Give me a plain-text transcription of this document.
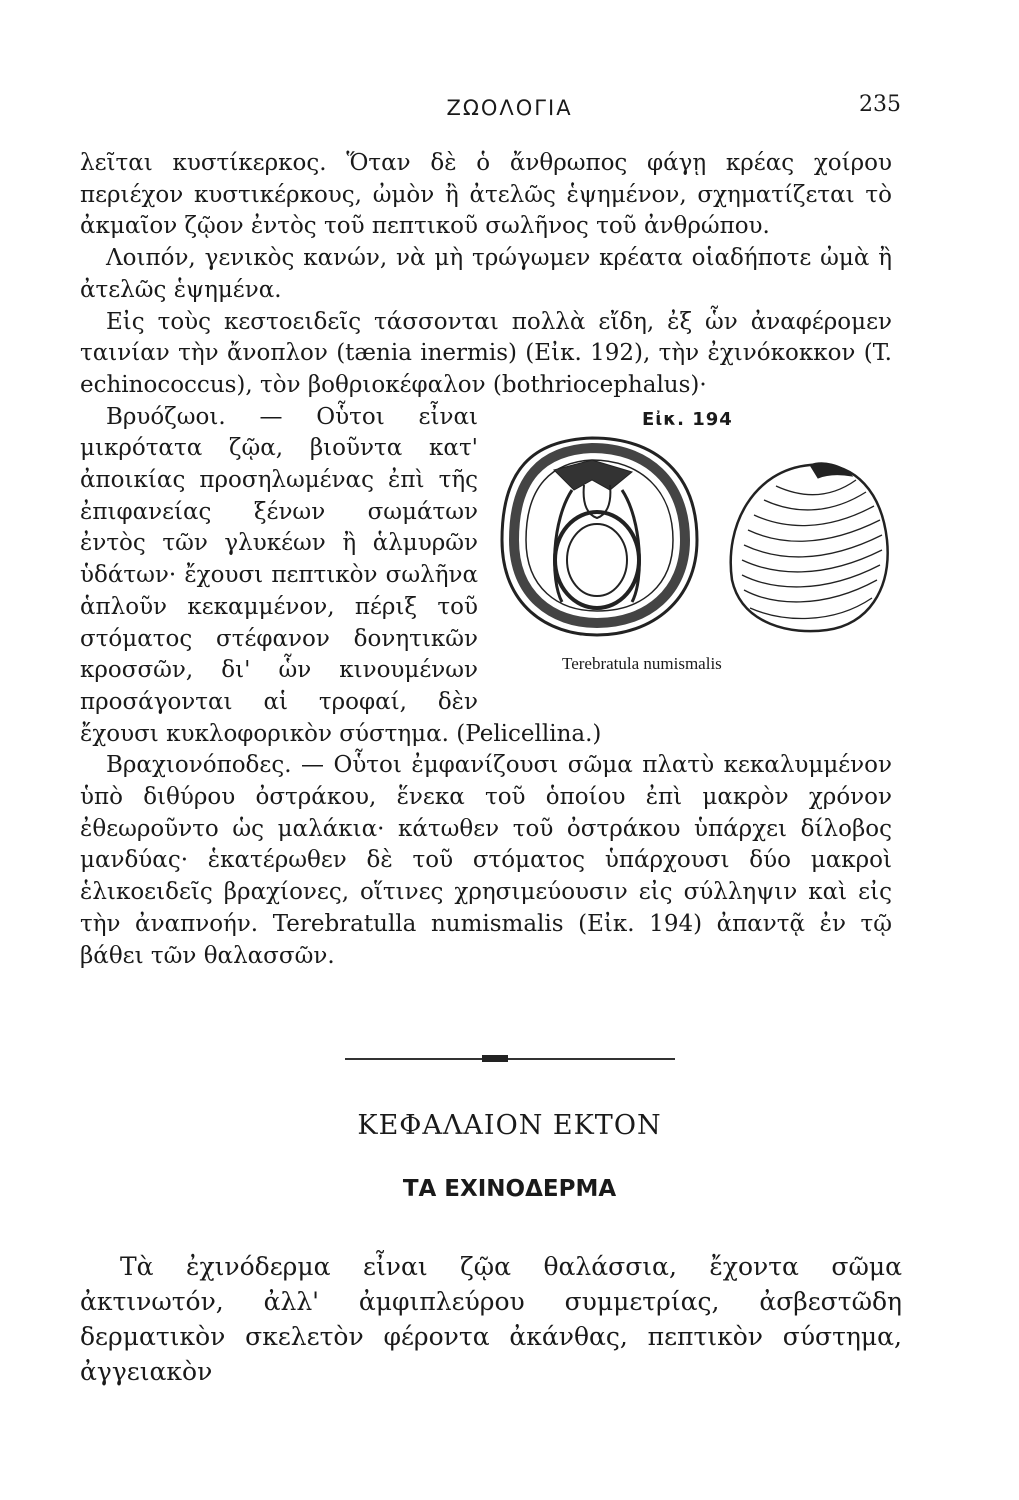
ΖΩΟΛΟΓΙΑ	235

λεῖται κυστίκερκος. Ὅταν δὲ ὁ ἄνθρωπος φάγῃ κρέας χοίρου περιέχον κυστικέρκους, ὠμὸν ἢ ἀτελῶς ἑψημένον, σχηματίζεται τὸ ἀκμαῖον ζῷον ἐντὸς τοῦ πεπτικοῦ σωλῆνος τοῦ ἀνθρώπου.

Λοιπόν, γενικὸς κανών, νὰ μὴ τρώγωμεν κρέατα οἱαδήποτε ὠμὰ ἢ ἀτελῶς ἑψημένα.

Εἰς τοὺς κεστοειδεῖς τάσσονται πολλὰ εἴδη, ἐξ ὧν ἀναφέρομεν ταινίαν τὴν ἄνοπλον (tænia inermis) (Εἰκ. 192), τὴν ἐχινόκοκκον (T. echinococcus), τὸν βοθριοκέφαλον (bothriocephalus)·

Εἰκ. 194
Terebratula numismalis

Βρυόζωοι. — Οὗτοι εἶναι μικρότατα ζῷα, βιοῦντα κατ' ἀποικίας προσηλωμένας ἐπὶ τῆς ἐπιφανείας ξένων σωμάτων ἐντὸς τῶν γλυκέων ἢ ἁλμυρῶν ὑδάτων· ἔχουσι πεπτικὸν σωλῆνα ἁπλοῦν κεκαμμένον, πέριξ τοῦ στόματος στέφανον δονητικῶν κροσσῶν, δι' ὧν κινουμένων προσάγονται αἱ τροφαί, δὲν ἔχουσι κυκλοφορικὸν σύστημα. (Pelicellina.)

Βραχιονόποδες. — Οὗτοι ἐμφανίζουσι σῶμα πλατὺ κεκαλυμμένον ὑπὸ διθύρου ὀστράκου, ἕνεκα τοῦ ὁποίου ἐπὶ μακρὸν χρόνον ἐθεωροῦντο ὡς μαλάκια· κάτωθεν τοῦ ὀστράκου ὑπάρχει δίλοβος μανδύας· ἑκατέρωθεν δὲ τοῦ στόματος ὑπάρχουσι δύο μακροὶ ἑλικοειδεῖς βραχίονες, οἵτινες χρησιμεύουσιν εἰς σύλληψιν καὶ εἰς τὴν ἀναπνοήν. Terebratulla numismalis (Εἰκ. 194) ἀπαντᾷ ἐν τῷ βάθει τῶν θαλασσῶν.

ΚΕΦΑΛΑΙΟΝ ΕΚΤΟΝ
ΤΑ ΕΧΙΝΟΔΕΡΜΑ

Τὰ ἐχινόδερμα εἶναι ζῷα θαλάσσια, ἔχοντα σῶμα ἀκτινωτόν, ἀλλ' ἀμφιπλεύρου συμμετρίας, ἀσβεστῶδη δερματικὸν σκελετὸν φέροντα ἀκάνθας, πεπτικὸν σύστημα, ἀγγειακὸν
